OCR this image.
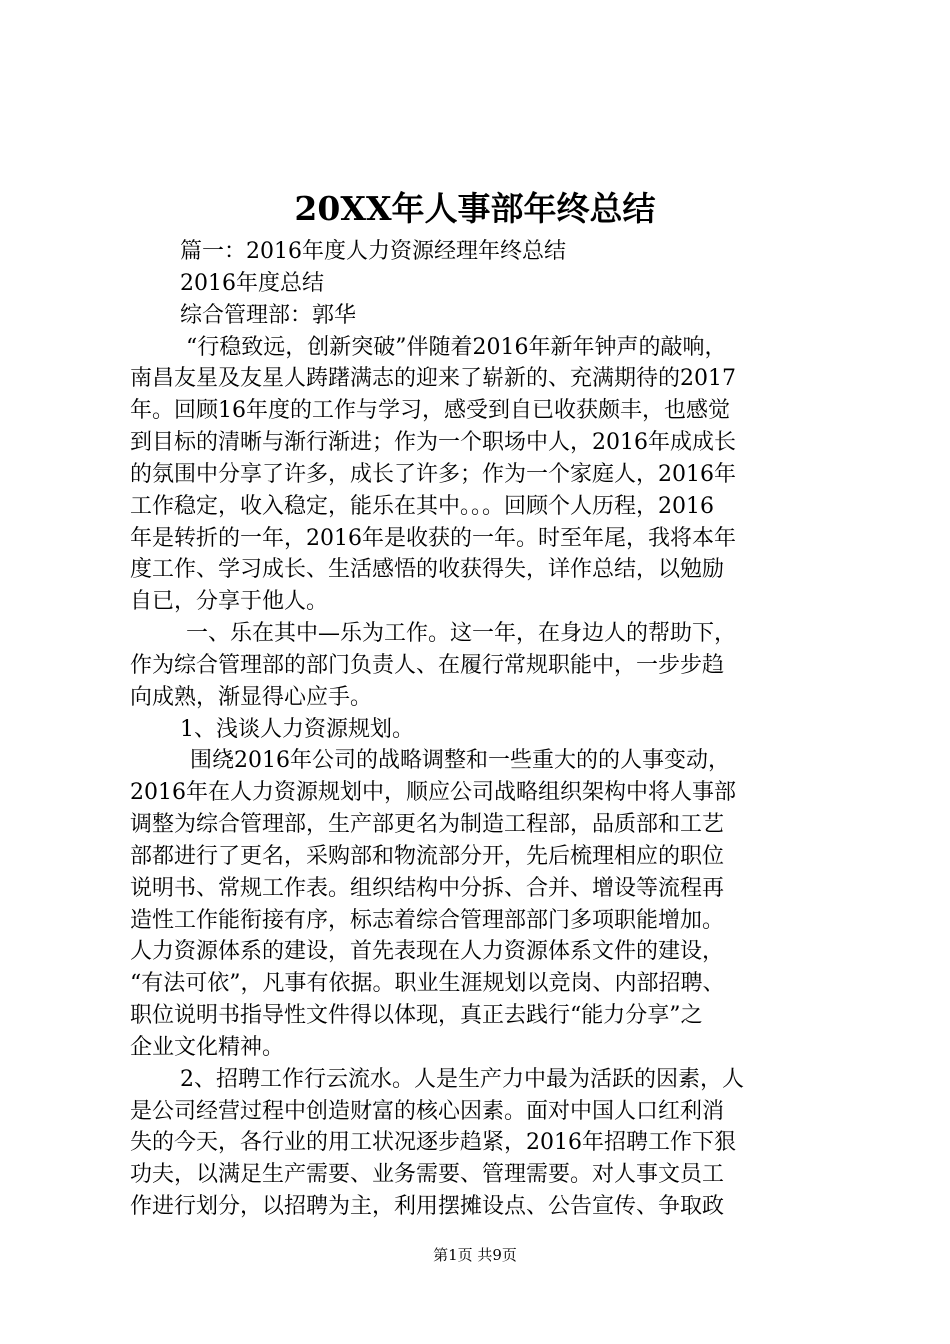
20XX年人事部年终总结
篇一：2016年度人力资源经理年终总结
2016年度总结
综合管理部：郭华
“行稳致远，创新突破”伴随着2016年新年钟声的敲响，
南昌友星及友星人踌躇满志的迎来了崭新的、充满期待的2017
年。回顾16年度的工作与学习，感受到自已收获颇丰，也感觉
到目标的清晰与渐行渐进；作为一个职场中人，2016年成成长
的氛围中分享了许多，成长了许多；作为一个家庭人，2016年
工作稳定，收入稳定，能乐在其中。。。回顾个人历程，2016
年是转折的一年，2016年是收获的一年。时至年尾，我将本年
度工作、学习成长、生活感悟的收获得失，详作总结，以勉励
自已，分享于他人。
一、乐在其中—乐为工作。这一年，在身边人的帮助下，
作为综合管理部的部门负责人、在履行常规职能中，一步步趋
向成熟，渐显得心应手。
1、浅谈人力资源规划。
围绕2016年公司的战略调整和一些重大的的人事变动，
2016年在人力资源规划中，顺应公司战略组织架构中将人事部
调整为综合管理部，生产部更名为制造工程部，品质部和工艺
部都进行了更名，采购部和物流部分开，先后梳理相应的职位
说明书、常规工作表。组织结构中分拆、合并、增设等流程再
造性工作能衔接有序，标志着综合管理部部门多项职能增加。
人力资源体系的建设，首先表现在人力资源体系文件的建设，
“有法可依”，凡事有依据。职业生涯规划以竞岗、内部招聘、
职位说明书指导性文件得以体现，真正去践行“能力分享”之
企业文化精神。
2、招聘工作行云流水。人是生产力中最为活跃的因素，人
是公司经营过程中创造财富的核心因素。面对中国人口红利消
失的今天，各行业的用工状况逐步趋紧，2016年招聘工作下狠
功夫，以满足生产需要、业务需要、管理需要。对人事文员工
作进行划分，以招聘为主，利用摆摊设点、公告宣传、争取政
第1页 共9页
